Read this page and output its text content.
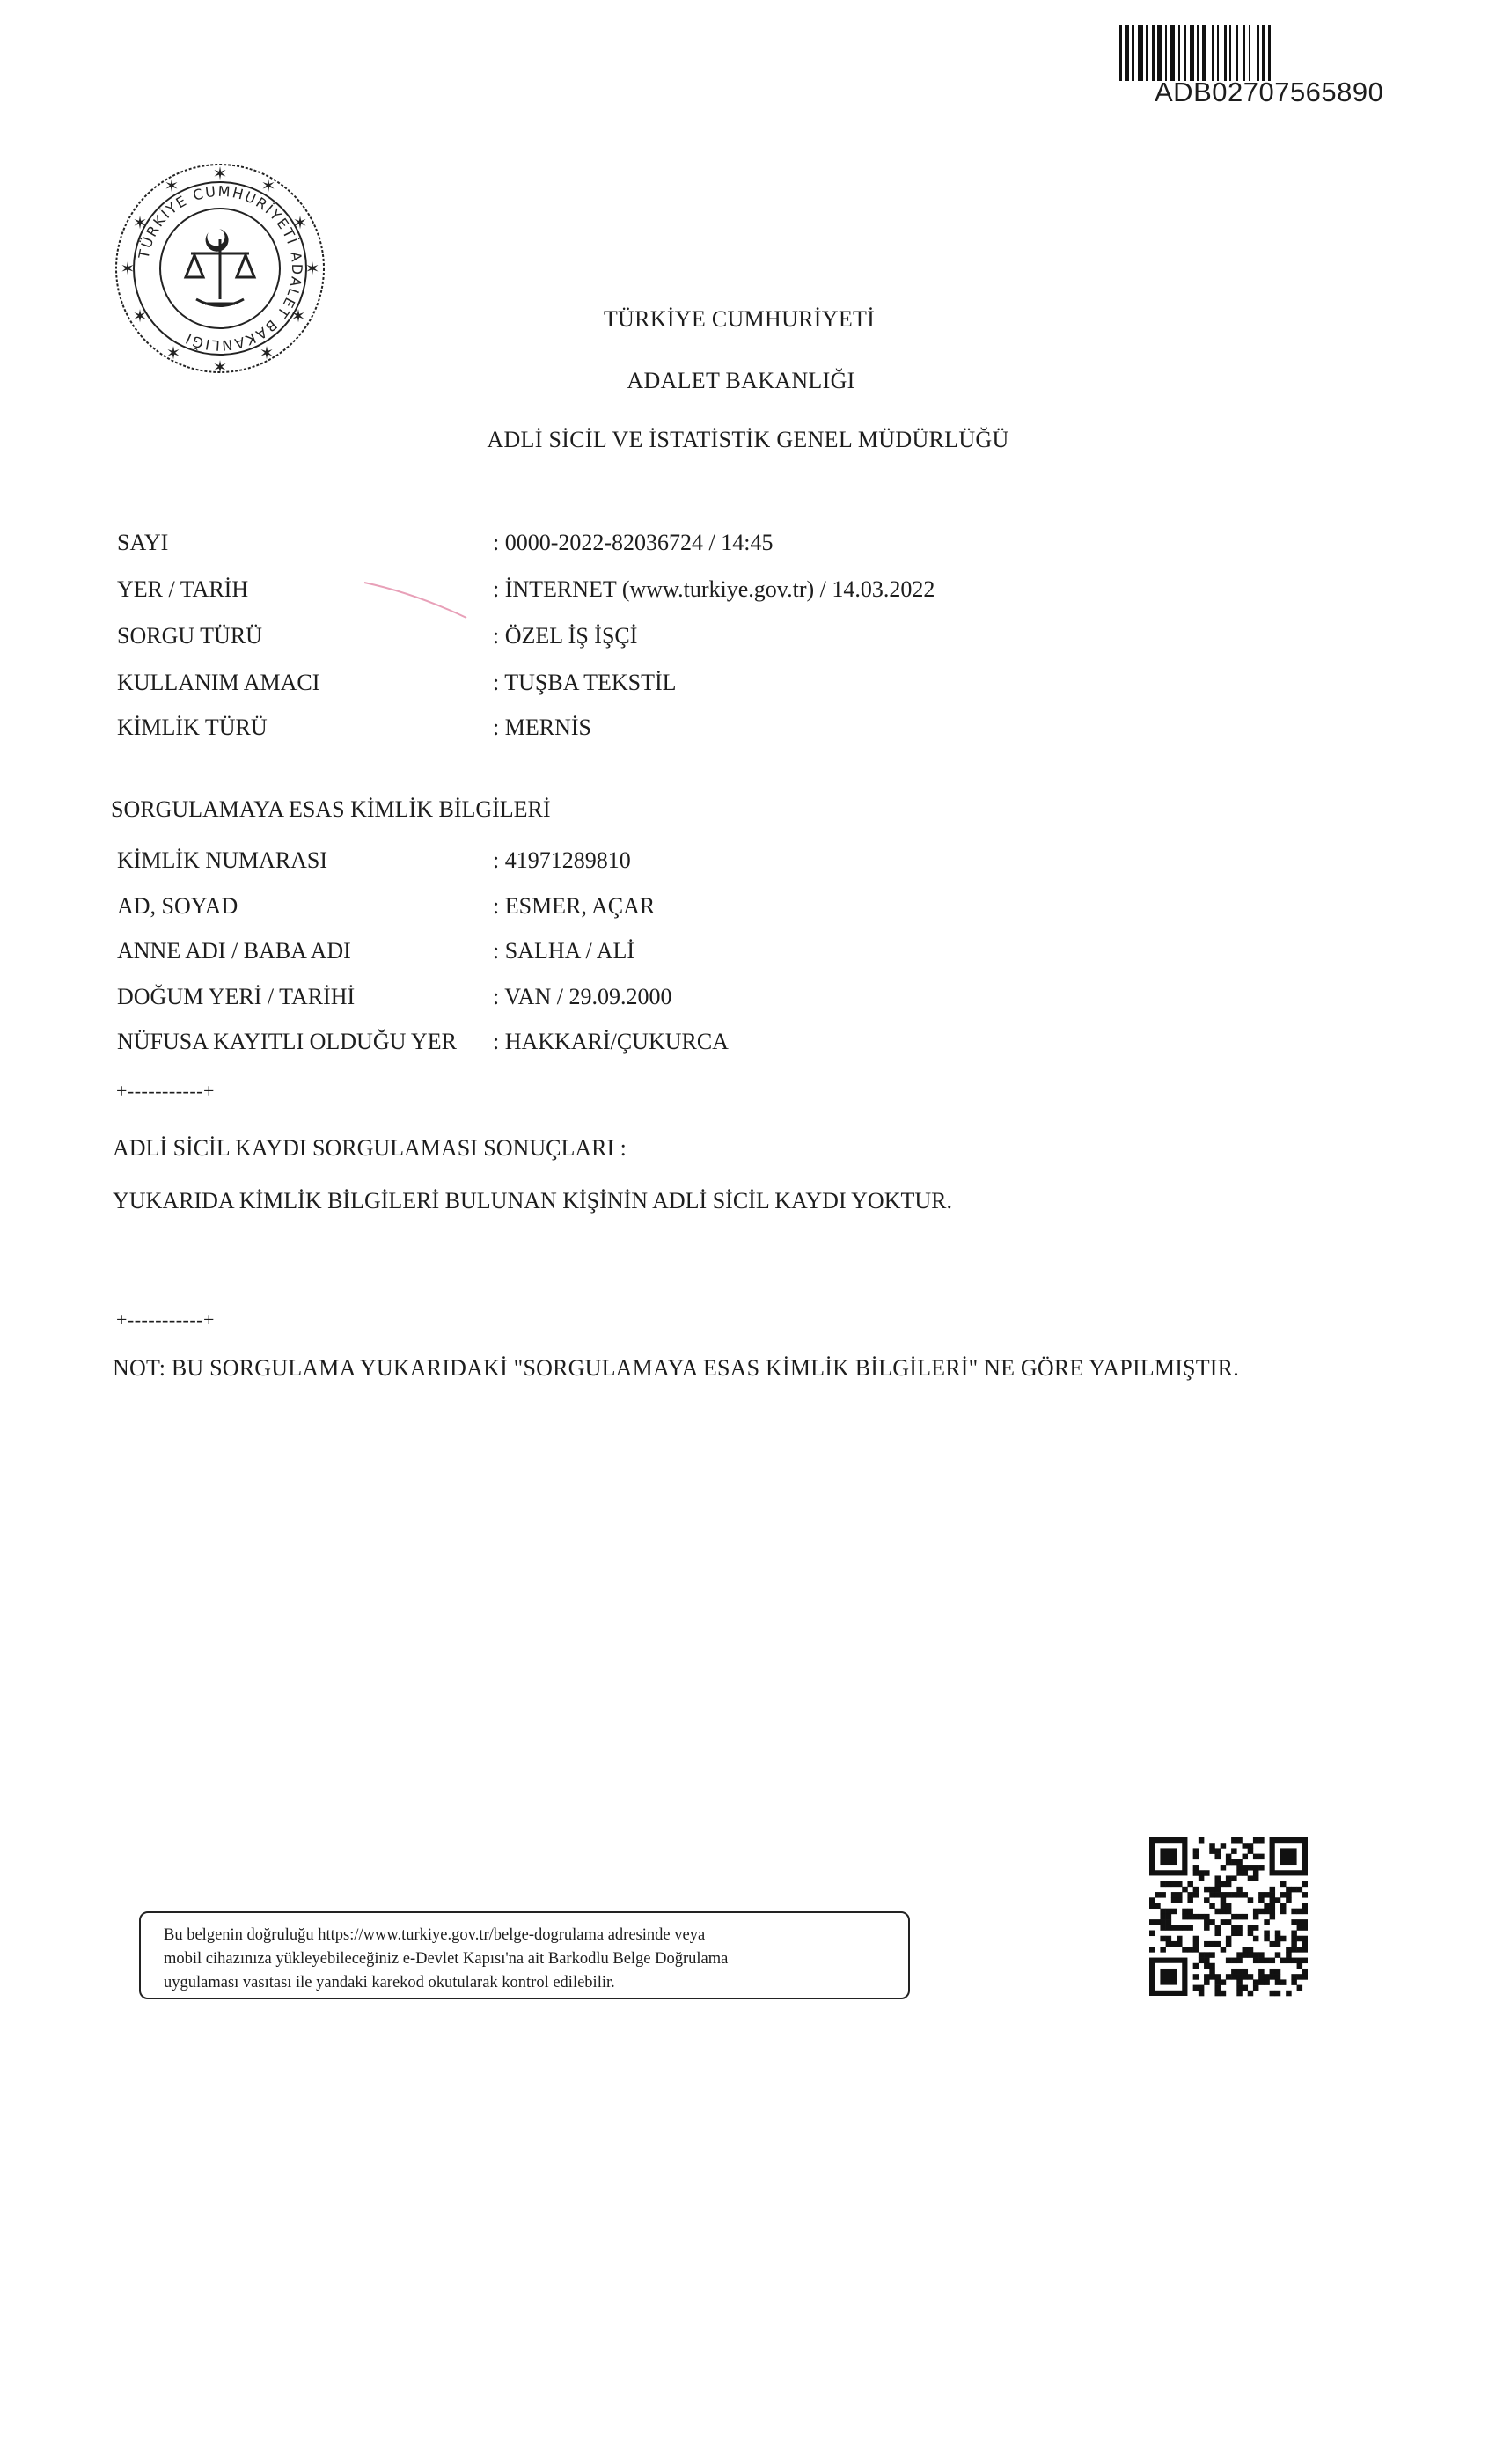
ADB02707565890
✶
✶
✶
✶
✶
✶
✶
✶
✶
✶
✶
✶
TÜRKİYE CUMHURİYETİ ADALET BAKANLIĞI
TÜRKİYE CUMHURİYETİ
ADALET BAKANLIĞI
ADLİ SİCİL VE İSTATİSTİK GENEL MÜDÜRLÜĞÜ
SAYI	: 0000-2022-82036724 / 14:45
YER / TARİH	: İNTERNET (www.turkiye.gov.tr) / 14.03.2022
SORGU TÜRÜ	: ÖZEL İŞ İŞÇİ
KULLANIM AMACI	: TUŞBA TEKSTİL
KİMLİK TÜRÜ	: MERNİS
SORGULAMAYA ESAS KİMLİK BİLGİLERİ
KİMLİK NUMARASI	: 41971289810
AD, SOYAD	: ESMER, AÇAR
ANNE ADI / BABA ADI	: SALHA / ALİ
DOĞUM YERİ / TARİHİ	: VAN / 29.09.2000
NÜFUSA KAYITLI OLDUĞU YER : HAKKARİ/ÇUKURCA
+-----------+
ADLİ SİCİL KAYDI SORGULAMASI SONUÇLARI :
YUKARIDA KİMLİK BİLGİLERİ BULUNAN KİŞİNİN ADLİ SİCİL KAYDI YOKTUR.
+-----------+
NOT: BU SORGULAMA YUKARIDAKİ "SORGULAMAYA ESAS KİMLİK BİLGİLERİ" NE GÖRE YAPILMIŞTIR.
Bu belgenin doğruluğu https://www.turkiye.gov.tr/belge-dogrulama adresinde veya
mobil cihazınıza yükleyebileceğiniz e-Devlet Kapısı'na ait Barkodlu Belge Doğrulama
uygulaması vasıtası ile yandaki karekod okutularak kontrol edilebilir.
